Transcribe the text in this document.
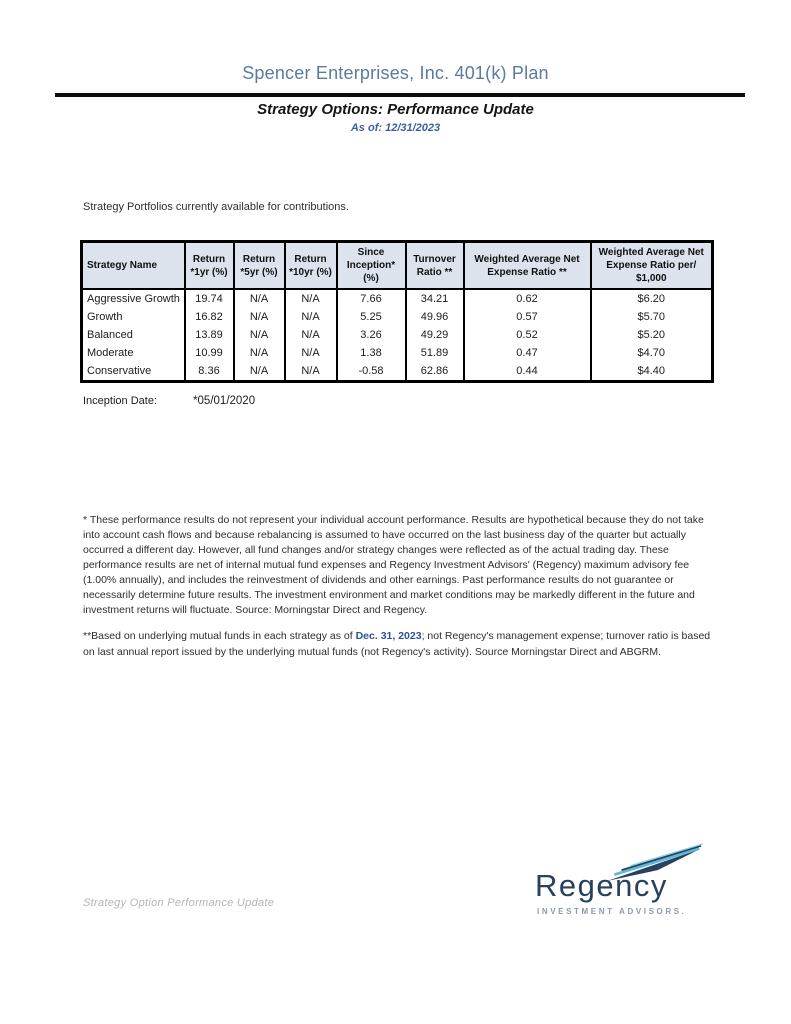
Spencer Enterprises, Inc. 401(k) Plan
Strategy Options: Performance Update
As of: 12/31/2023
Strategy Portfolios currently available for contributions.
Strategy Name	Return *1yr (%)	Return *5yr (%)	Return *10yr (%)	Since Inception* (%)	Turnover Ratio **	Weighted Average Net Expense Ratio **	Weighted Average Net Expense Ratio per/ $1,000
Aggressive Growth	19.74	N/A	N/A	7.66	34.21	0.62	$6.20
Growth	16.82	N/A	N/A	5.25	49.96	0.57	$5.70
Balanced	13.89	N/A	N/A	3.26	49.29	0.52	$5.20
Moderate	10.99	N/A	N/A	1.38	51.89	0.47	$4.70
Conservative	8.36	N/A	N/A	-0.58	62.86	0.44	$4.40
Inception Date:	*05/01/2020
* These performance results do not represent your individual account performance. Results are hypothetical because they do not take into account cash flows and because rebalancing is assumed to have occurred on the last business day of the quarter but actually occurred a different day. However, all fund changes and/or strategy changes were reflected as of the actual trading day. These performance results are net of internal mutual fund expenses and Regency Investment Advisors' (Regency) maximum advisory fee (1.00% annually), and includes the reinvestment of dividends and other earnings. Past performance results do not guarantee or necessarily determine future results. The investment environment and market conditions may be markedly different in the future and investment returns will fluctuate. Source: Morningstar Direct and Regency.
**Based on underlying mutual funds in each strategy as of Dec. 31, 2023; not Regency's management expense; turnover ratio is based on last annual report issued by the underlying mutual funds (not Regency's activity). Source Morningstar Direct and ABGRM.
Strategy Option Performance Update	Regency
INVESTMENT ADVISORS.
